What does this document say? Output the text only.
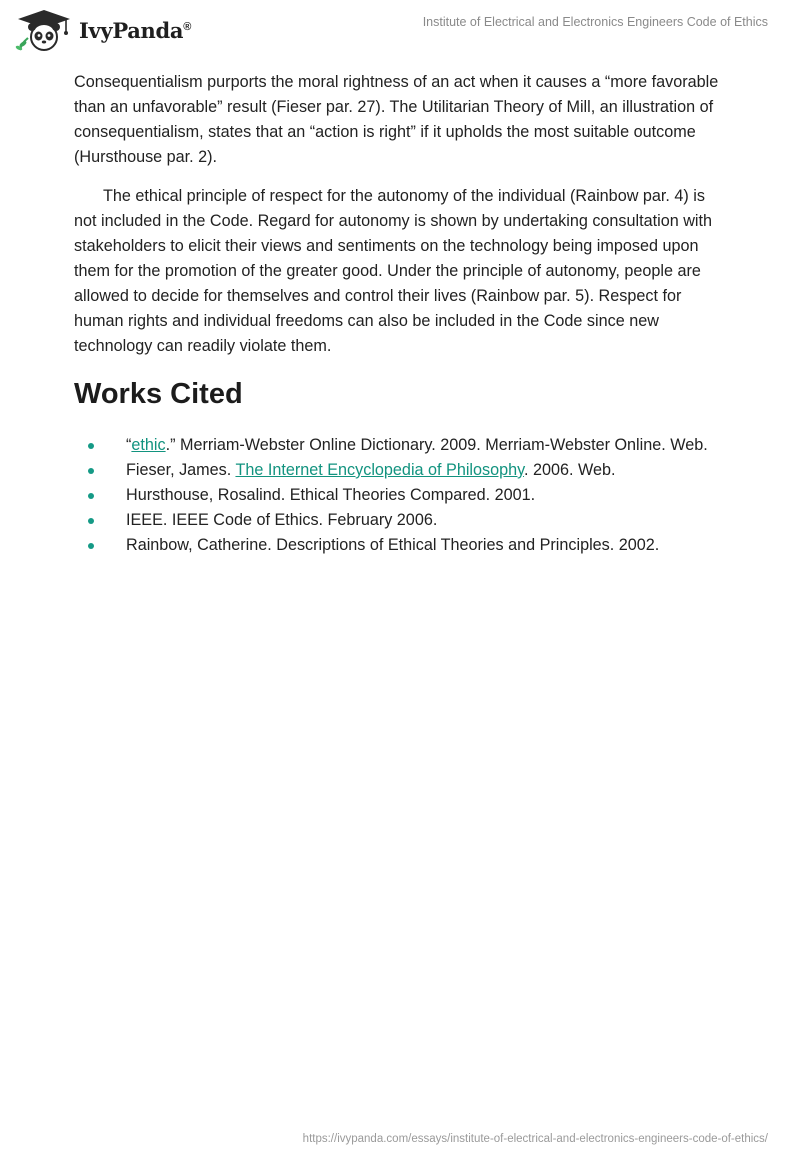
IvyPanda®	Institute of Electrical and Electronics Engineers Code of Ethics

Consequentialism purports the moral rightness of an act when it causes a “more favorable than an unfavorable” result (Fieser par. 27). The Utilitarian Theory of Mill, an illustration of consequentialism, states that an “action is right” if it upholds the most suitable outcome (Hursthouse par. 2).

The ethical principle of respect for the autonomy of the individual (Rainbow par. 4) is not included in the Code. Regard for autonomy is shown by undertaking consultation with stakeholders to elicit their views and sentiments on the technology being imposed upon them for the promotion of the greater good. Under the principle of autonomy, people are allowed to decide for themselves and control their lives (Rainbow par. 5). Respect for human rights and individual freedoms can also be included in the Code since new technology can readily violate them.

Works Cited
“ethic.” Merriam-Webster Online Dictionary. 2009. Merriam-Webster Online. Web.
Fieser, James. The Internet Encyclopedia of Philosophy. 2006. Web.
Hursthouse, Rosalind. Ethical Theories Compared. 2001.
IEEE. IEEE Code of Ethics. February 2006.
Rainbow, Catherine. Descriptions of Ethical Theories and Principles. 2002.
https://ivypanda.com/essays/institute-of-electrical-and-electronics-engineers-code-of-ethics/
